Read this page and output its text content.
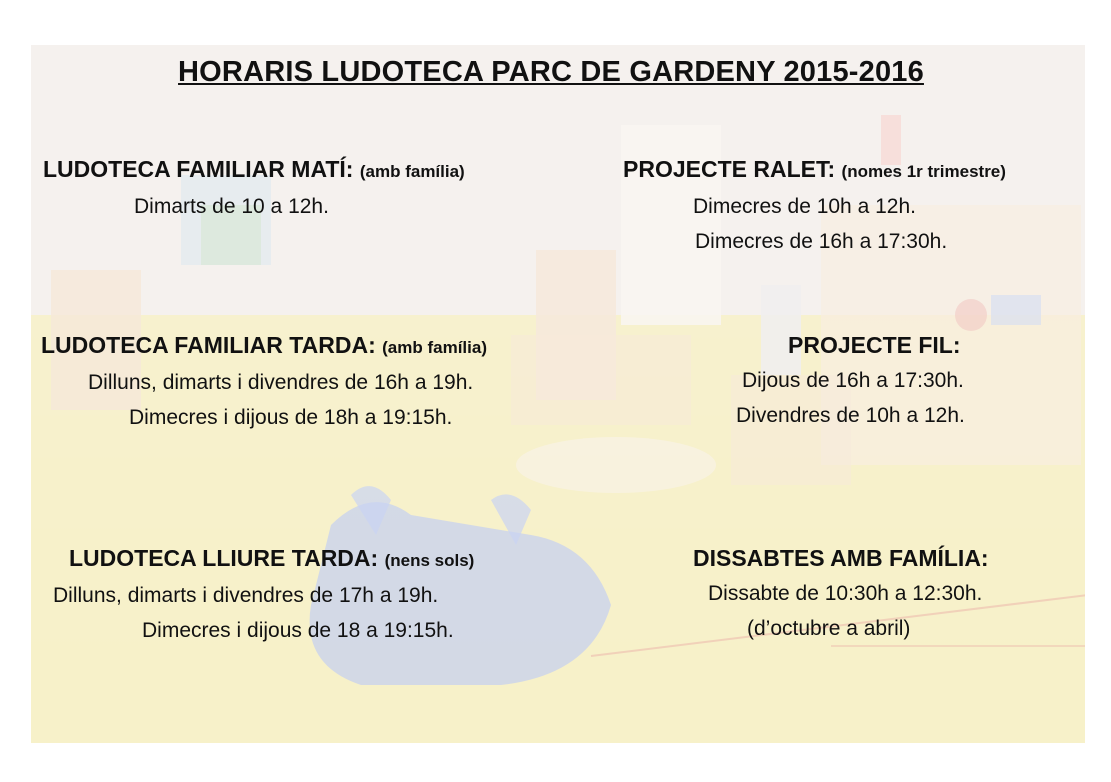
HORARIS LUDOTECA PARC DE GARDENY 2015-2016
LUDOTECA FAMILIAR MATÍ: (amb família)
Dimarts de 10 a 12h.
PROJECTE RALET: (nomes 1r trimestre)
Dimecres de 10h a 12h.
Dimecres de 16h a 17:30h.
LUDOTECA FAMILIAR TARDA: (amb família)
Dilluns, dimarts i divendres de 16h a 19h.
Dimecres i dijous de 18h a 19:15h.
PROJECTE FIL:
Dijous de 16h a 17:30h.
Divendres de 10h a 12h.
LUDOTECA LLIURE TARDA: (nens sols)
Dilluns, dimarts i divendres de 17h a 19h.
Dimecres i dijous de 18 a 19:15h.
DISSABTES AMB FAMÍLIA:
Dissabte de 10:30h a 12:30h.
(d’octubre a abril)
